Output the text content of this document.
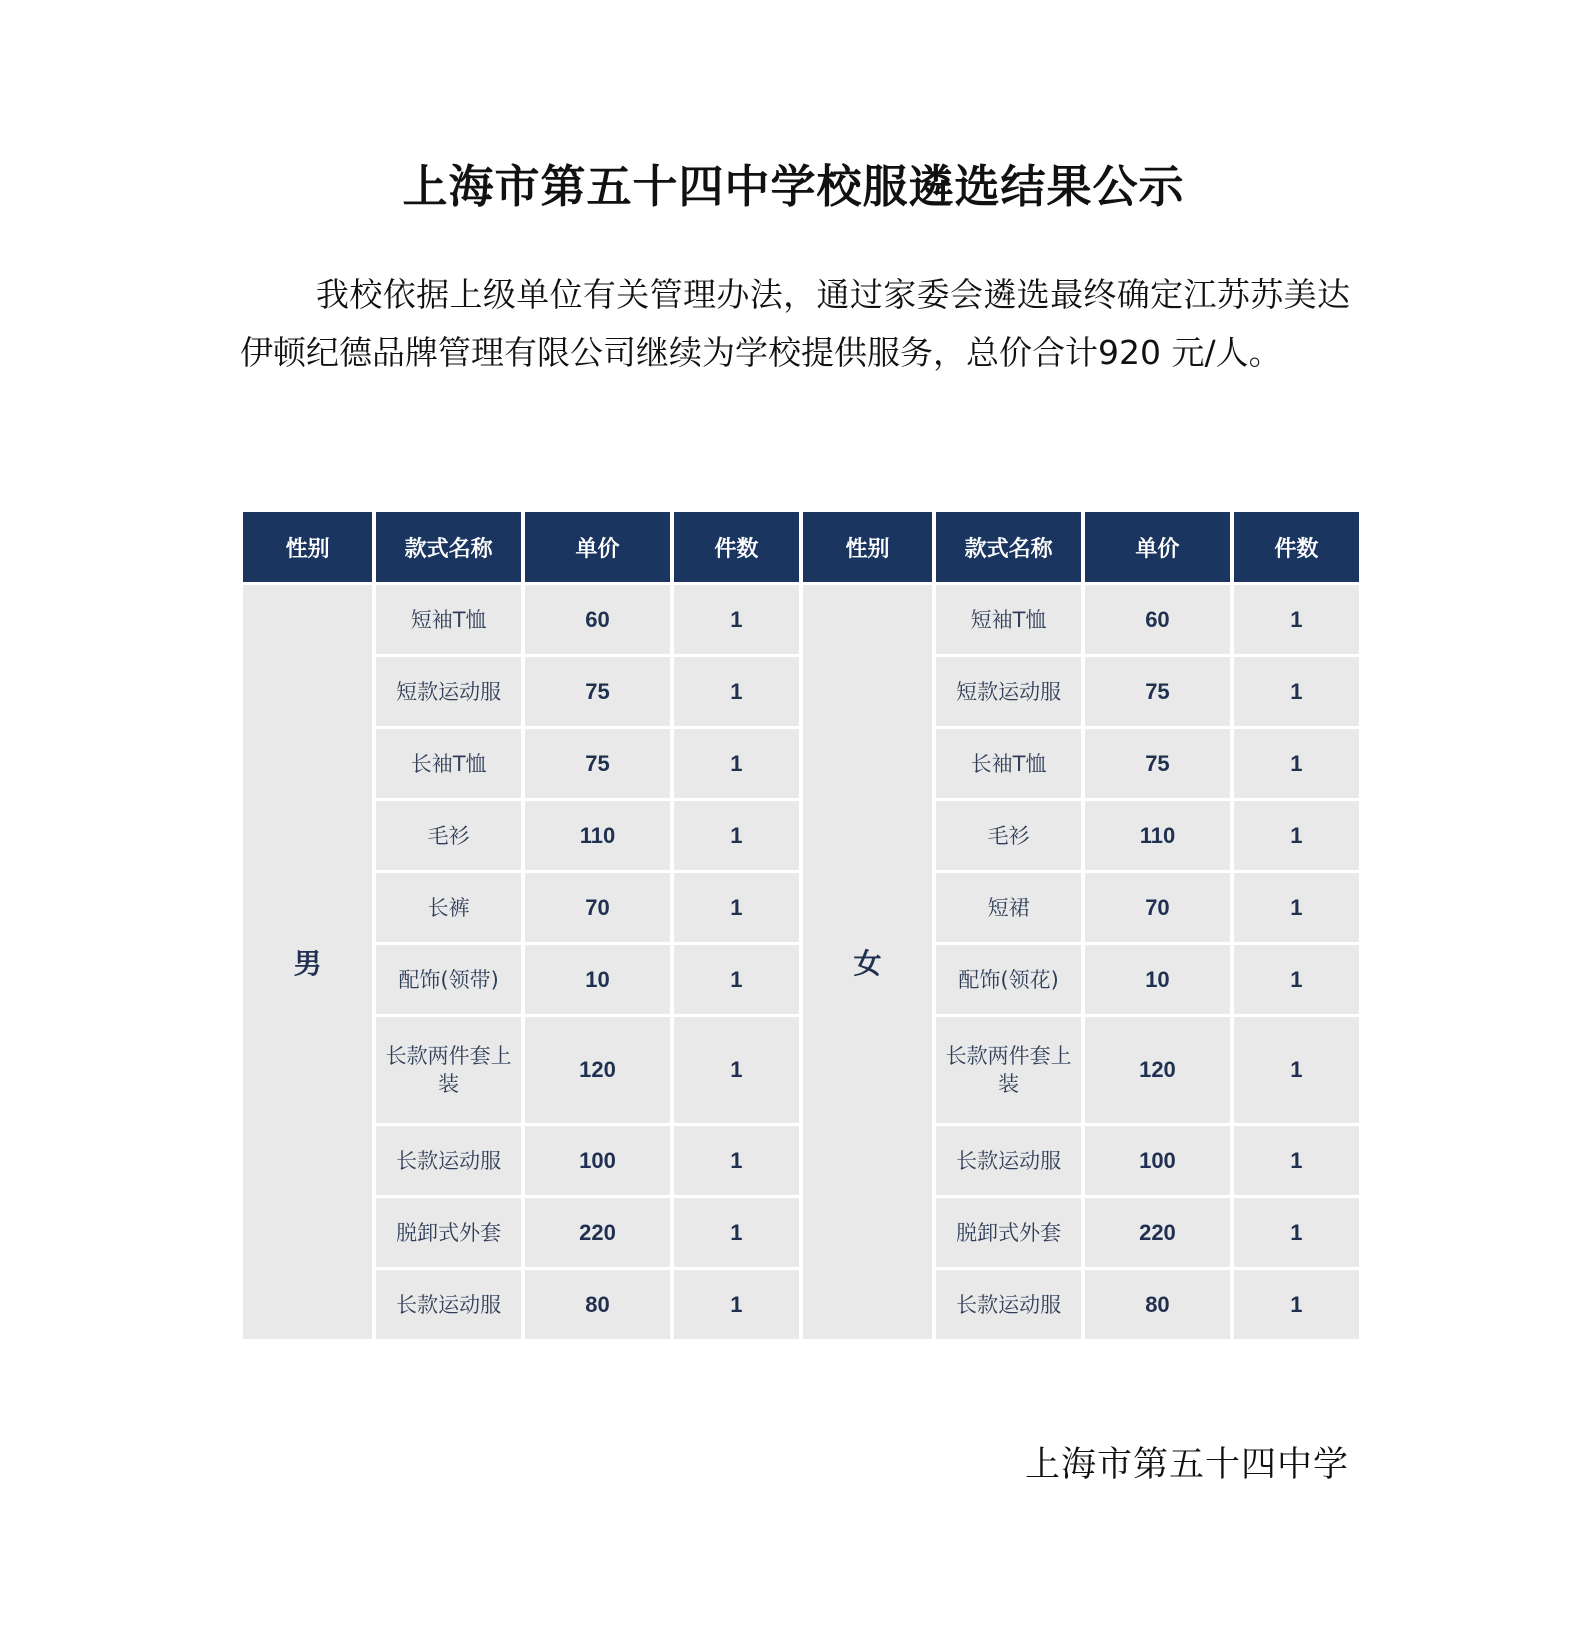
上海市第五十四中学校服遴选结果公示
我校依据上级单位有关管理办法，通过家委会遴选最终确定江苏苏美达伊顿纪德品牌管理有限公司继续为学校提供服务，总价合计920 元/人。
性别	款式名称	单价	件数	性别	款式名称	单价	件数
男	短袖T恤	60	1	女	短袖T恤	60	1
	短款运动服	75	1		短款运动服	75	1
	长袖T恤	75	1		长袖T恤	75	1
	毛衫	110	1		毛衫	110	1
	长裤	70	1		短裙	70	1
	配饰(领带)	10	1		配饰(领花)	10	1
	长款两件套上装	120	1		长款两件套上装	120	1
	长款运动服	100	1		长款运动服	100	1
	脱卸式外套	220	1		脱卸式外套	220	1
	长款运动服	80	1		长款运动服	80	1
上海市第五十四中学
